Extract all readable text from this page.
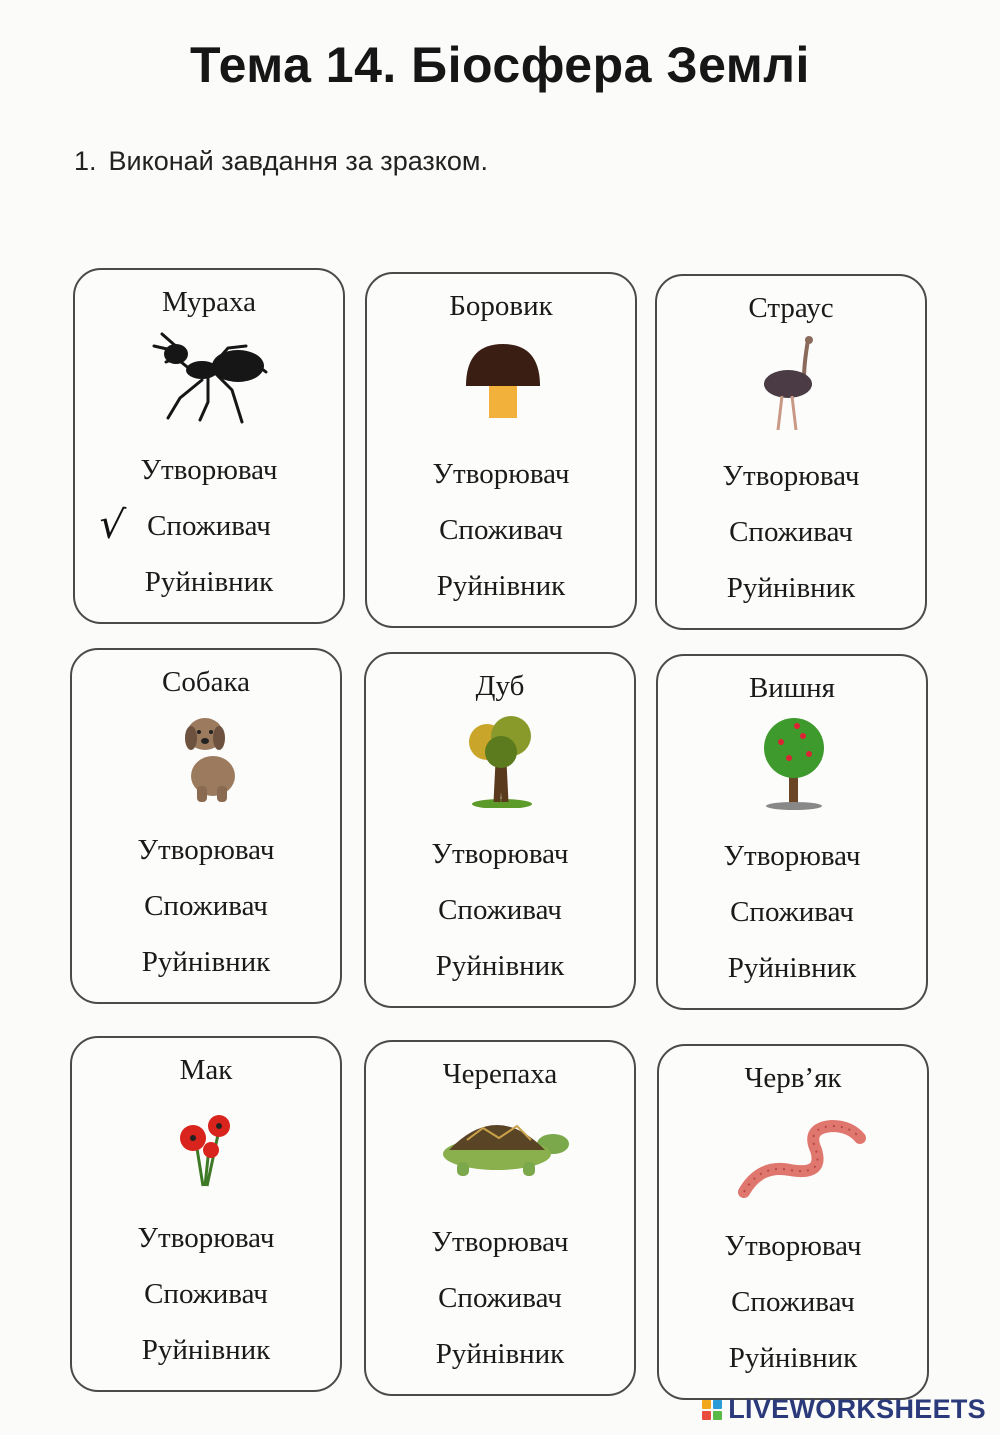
Тема 14. Біосфера Землі
1. Виконай завдання за зразком.
Мураха
Утворювач
Споживач
Руйнівник
√
Боровик
Утворювач
Споживач
Руйнівник
Страус
Утворювач
Споживач
Руйнівник
Собака
Утворювач
Споживач
Руйнівник
Дуб
Утворювач
Споживач
Руйнівник
Вишня
Утворювач
Споживач
Руйнівник
Мак
Утворювач
Споживач
Руйнівник
Черепаха
Утворювач
Споживач
Руйнівник
Черв’як
Утворювач
Споживач
Руйнівник
LIVEWORKSHEETS
